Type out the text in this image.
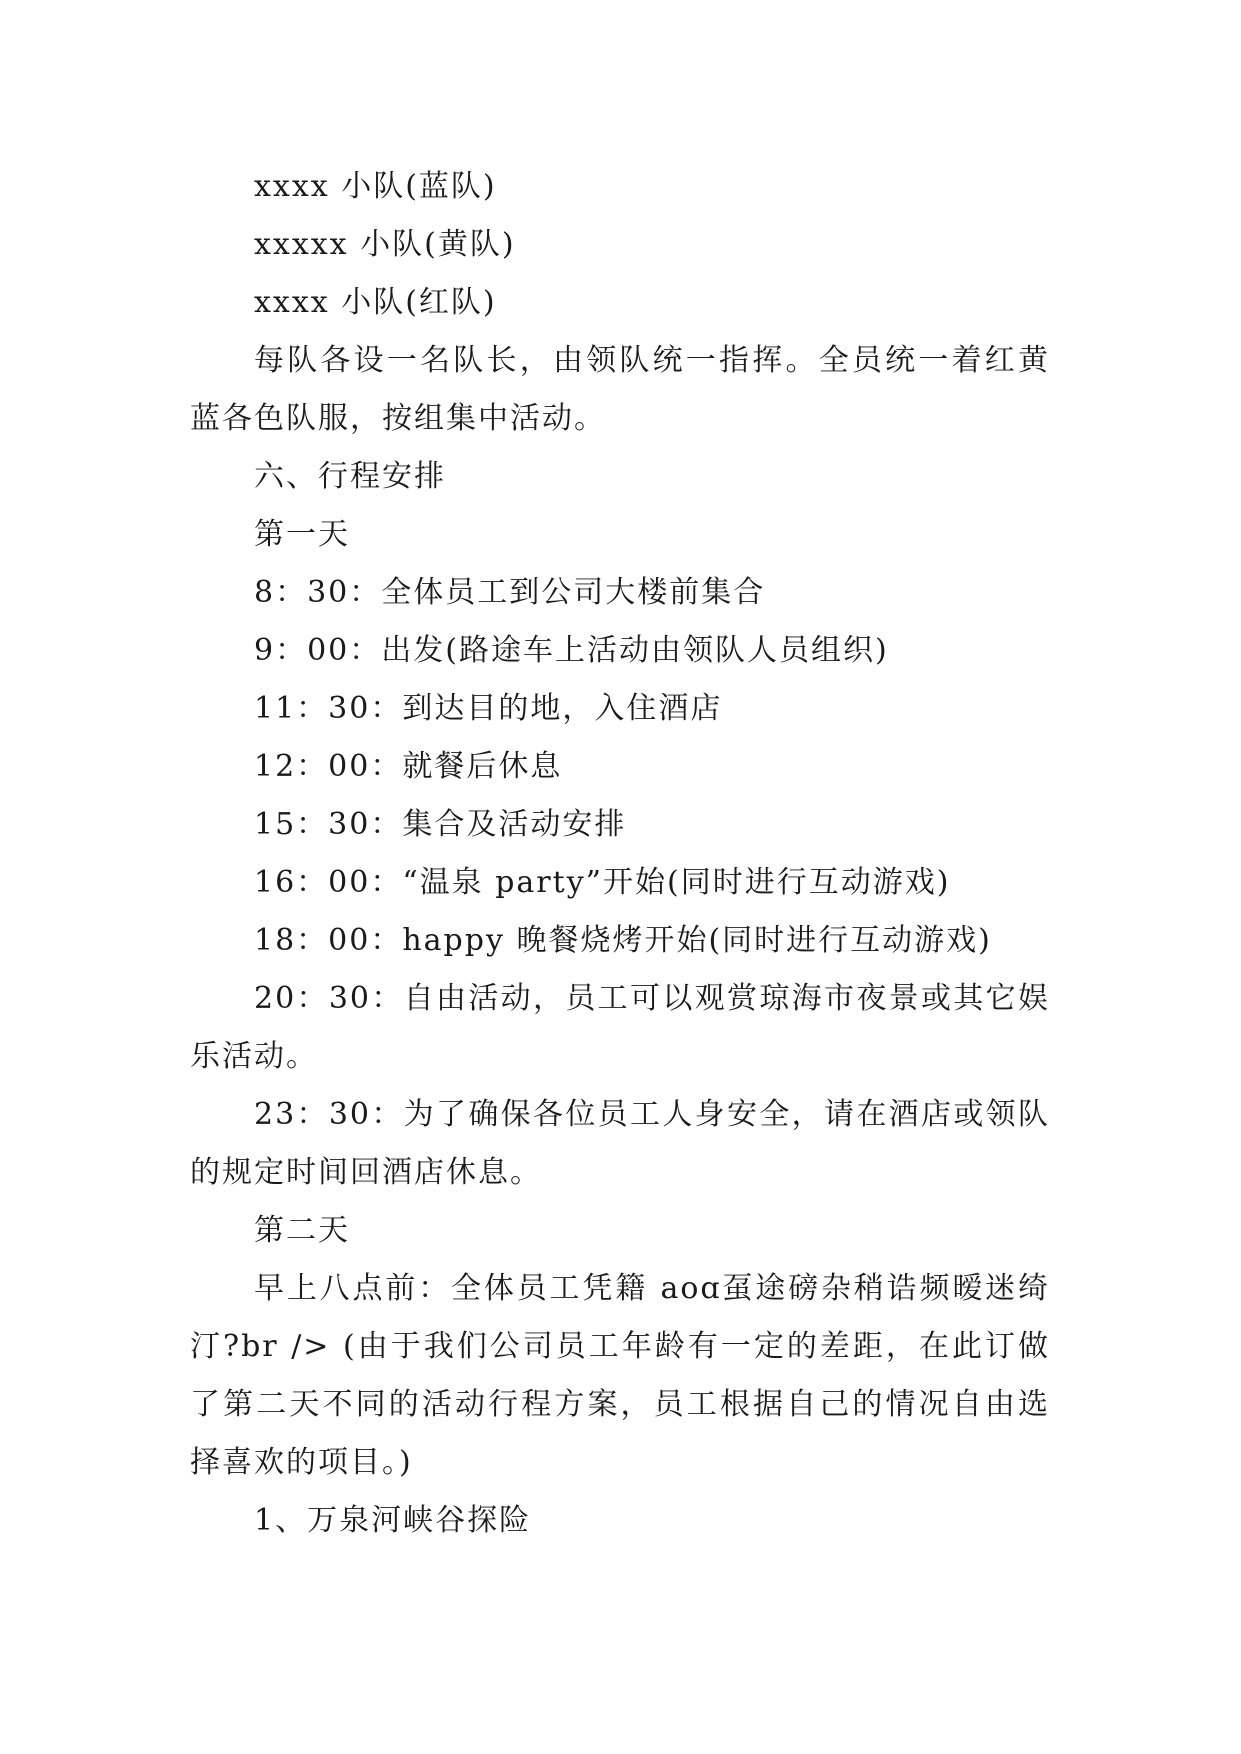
xxxx 小队(蓝队)

xxxxx 小队(黄队)

xxxx 小队(红队)

每队各设一名队长，由领队统一指挥。全员统一着红黄蓝各色队服，按组集中活动。

六、行程安排

第一天

8：30：全体员工到公司大楼前集合

9：00：出发(路途车上活动由领队人员组织)

11：30：到达目的地，入住酒店

12：00：就餐后休息

15：30：集合及活动安排

16：00：“温泉 party”开始(同时进行互动游戏)

18：00：happy 晚餐烧烤开始(同时进行互动游戏)

20：30：自由活动，员工可以观赏琼海市夜景或其它娱乐活动。

23：30：为了确保各位员工人身安全，请在酒店或领队的规定时间回酒店休息。

第二天

早上八点前：全体员工凭籍 aoɑ虿途磅杂稍诰频暧迷绮汀?br /> (由于我们公司员工年龄有一定的差距，在此订做了第二天不同的活动行程方案，员工根据自己的情况自由选择喜欢的项目。)

1、万泉河峡谷探险
